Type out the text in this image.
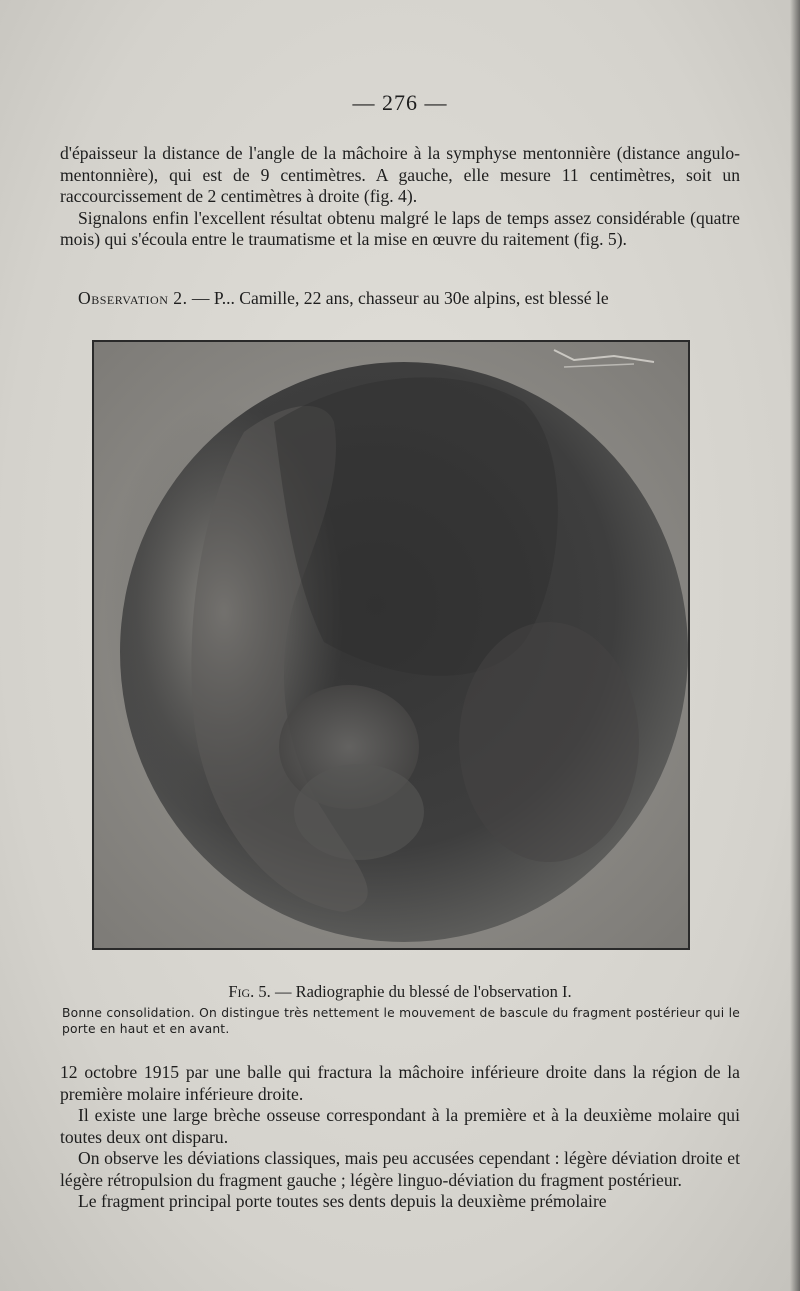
— 276 —

d'épaisseur la distance de l'angle de la mâchoire à la symphyse mentonnière (distance angulo-mentonnière), qui est de 9 centimètres. A gauche, elle mesure 11 centimètres, soit un raccourcissement de 2 centimètres à droite (fig. 4).

Signalons enfin l'excellent résultat obtenu malgré le laps de temps assez considérable (quatre mois) qui s'écoula entre le traumatisme et la mise en œuvre du raitement (fig. 5).

Observation 2. — P... Camille, 22 ans, chasseur au 30e alpins, est blessé le
Fig. 5. — Radiographie du blessé de l'observation I.
Bonne consolidation. On distingue très nettement le mouvement de bascule du fragment postérieur qui le porte en haut et en avant.

12 octobre 1915 par une balle qui fractura la mâchoire inférieure droite dans la région de la première molaire inférieure droite.

Il existe une large brèche osseuse correspondant à la première et à la deuxième molaire qui toutes deux ont disparu.

On observe les déviations classiques, mais peu accusées cependant : légère déviation droite et légère rétropulsion du fragment gauche ; légère linguo-déviation du fragment postérieur.

Le fragment principal porte toutes ses dents depuis la deuxième prémolaire
